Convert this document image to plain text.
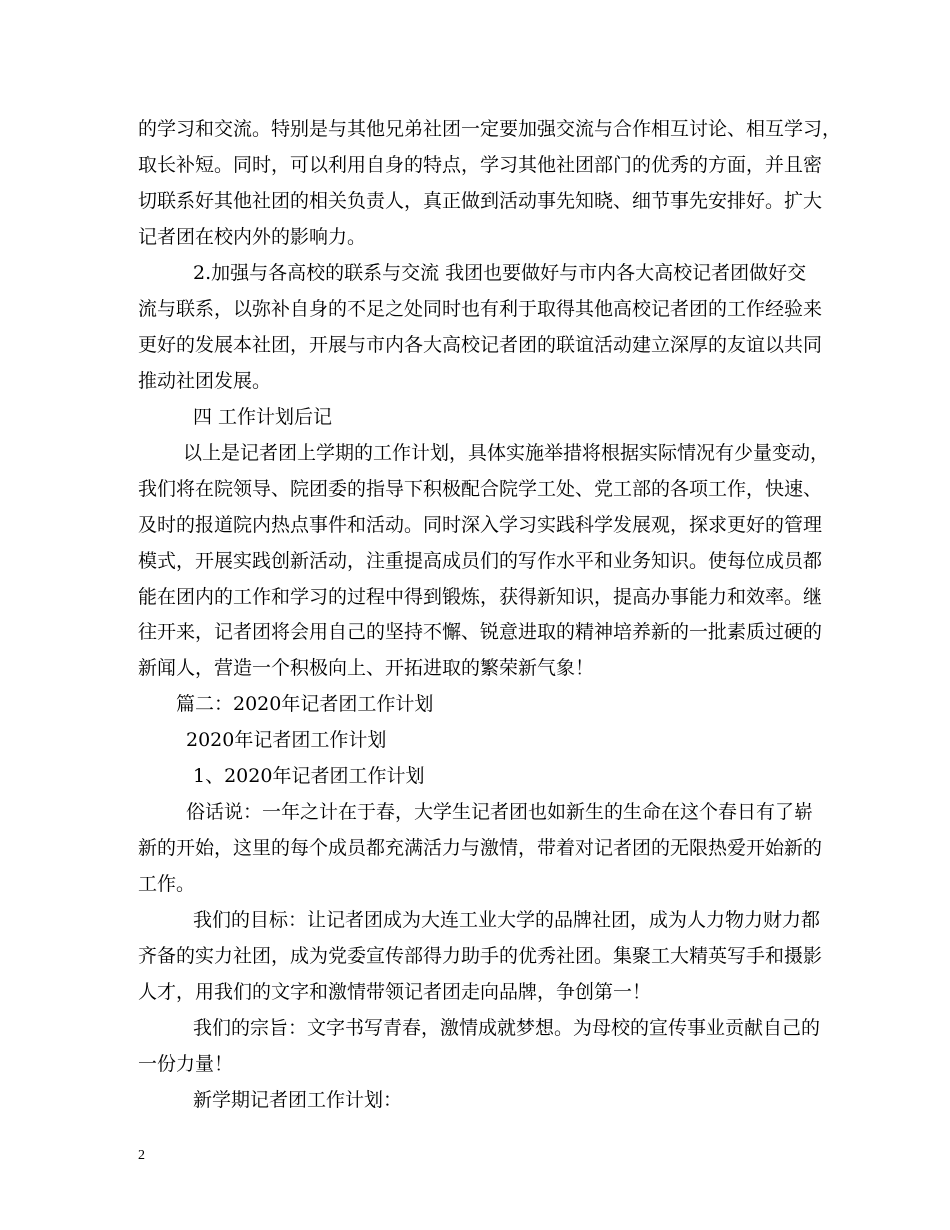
的学习和交流。特别是与其他兄弟社团一定要加强交流与合作相互讨论、相互学习，
取长补短。同时，可以利用自身的特点，学习其他社团部门的优秀的方面，并且密
切联系好其他社团的相关负责人，真正做到活动事先知晓、细节事先安排好。扩大
记者团在校内外的影响力。
2.加强与各高校的联系与交流 我团也要做好与市内各大高校记者团做好交
流与联系，以弥补自身的不足之处同时也有利于取得其他高校记者团的工作经验来
更好的发展本社团，开展与市内各大高校记者团的联谊活动建立深厚的友谊以共同
推动社团发展。
四 工作计划后记
以上是记者团上学期的工作计划，具体实施举措将根据实际情况有少量变动，
我们将在院领导、院团委的指导下积极配合院学工处、党工部的各项工作，快速、
及时的报道院内热点事件和活动。同时深入学习实践科学发展观，探求更好的管理
模式，开展实践创新活动，注重提高成员们的写作水平和业务知识。使每位成员都
能在团内的工作和学习的过程中得到锻炼，获得新知识，提高办事能力和效率。继
往开来，记者团将会用自己的坚持不懈、锐意进取的精神培养新的一批素质过硬的
新闻人，营造一个积极向上、开拓进取的繁荣新气象！
篇二：2020年记者团工作计划
2020年记者团工作计划
1、2020年记者团工作计划
俗话说：一年之计在于春，大学生记者团也如新生的生命在这个春日有了崭
新的开始，这里的每个成员都充满活力与激情，带着对记者团的无限热爱开始新的
工作。
我们的目标：让记者团成为大连工业大学的品牌社团，成为人力物力财力都
齐备的实力社团，成为党委宣传部得力助手的优秀社团。集聚工大精英写手和摄影
人才，用我们的文字和激情带领记者团走向品牌，争创第一！
我们的宗旨：文字书写青春，激情成就梦想。为母校的宣传事业贡献自己的
一份力量！
新学期记者团工作计划：
2
